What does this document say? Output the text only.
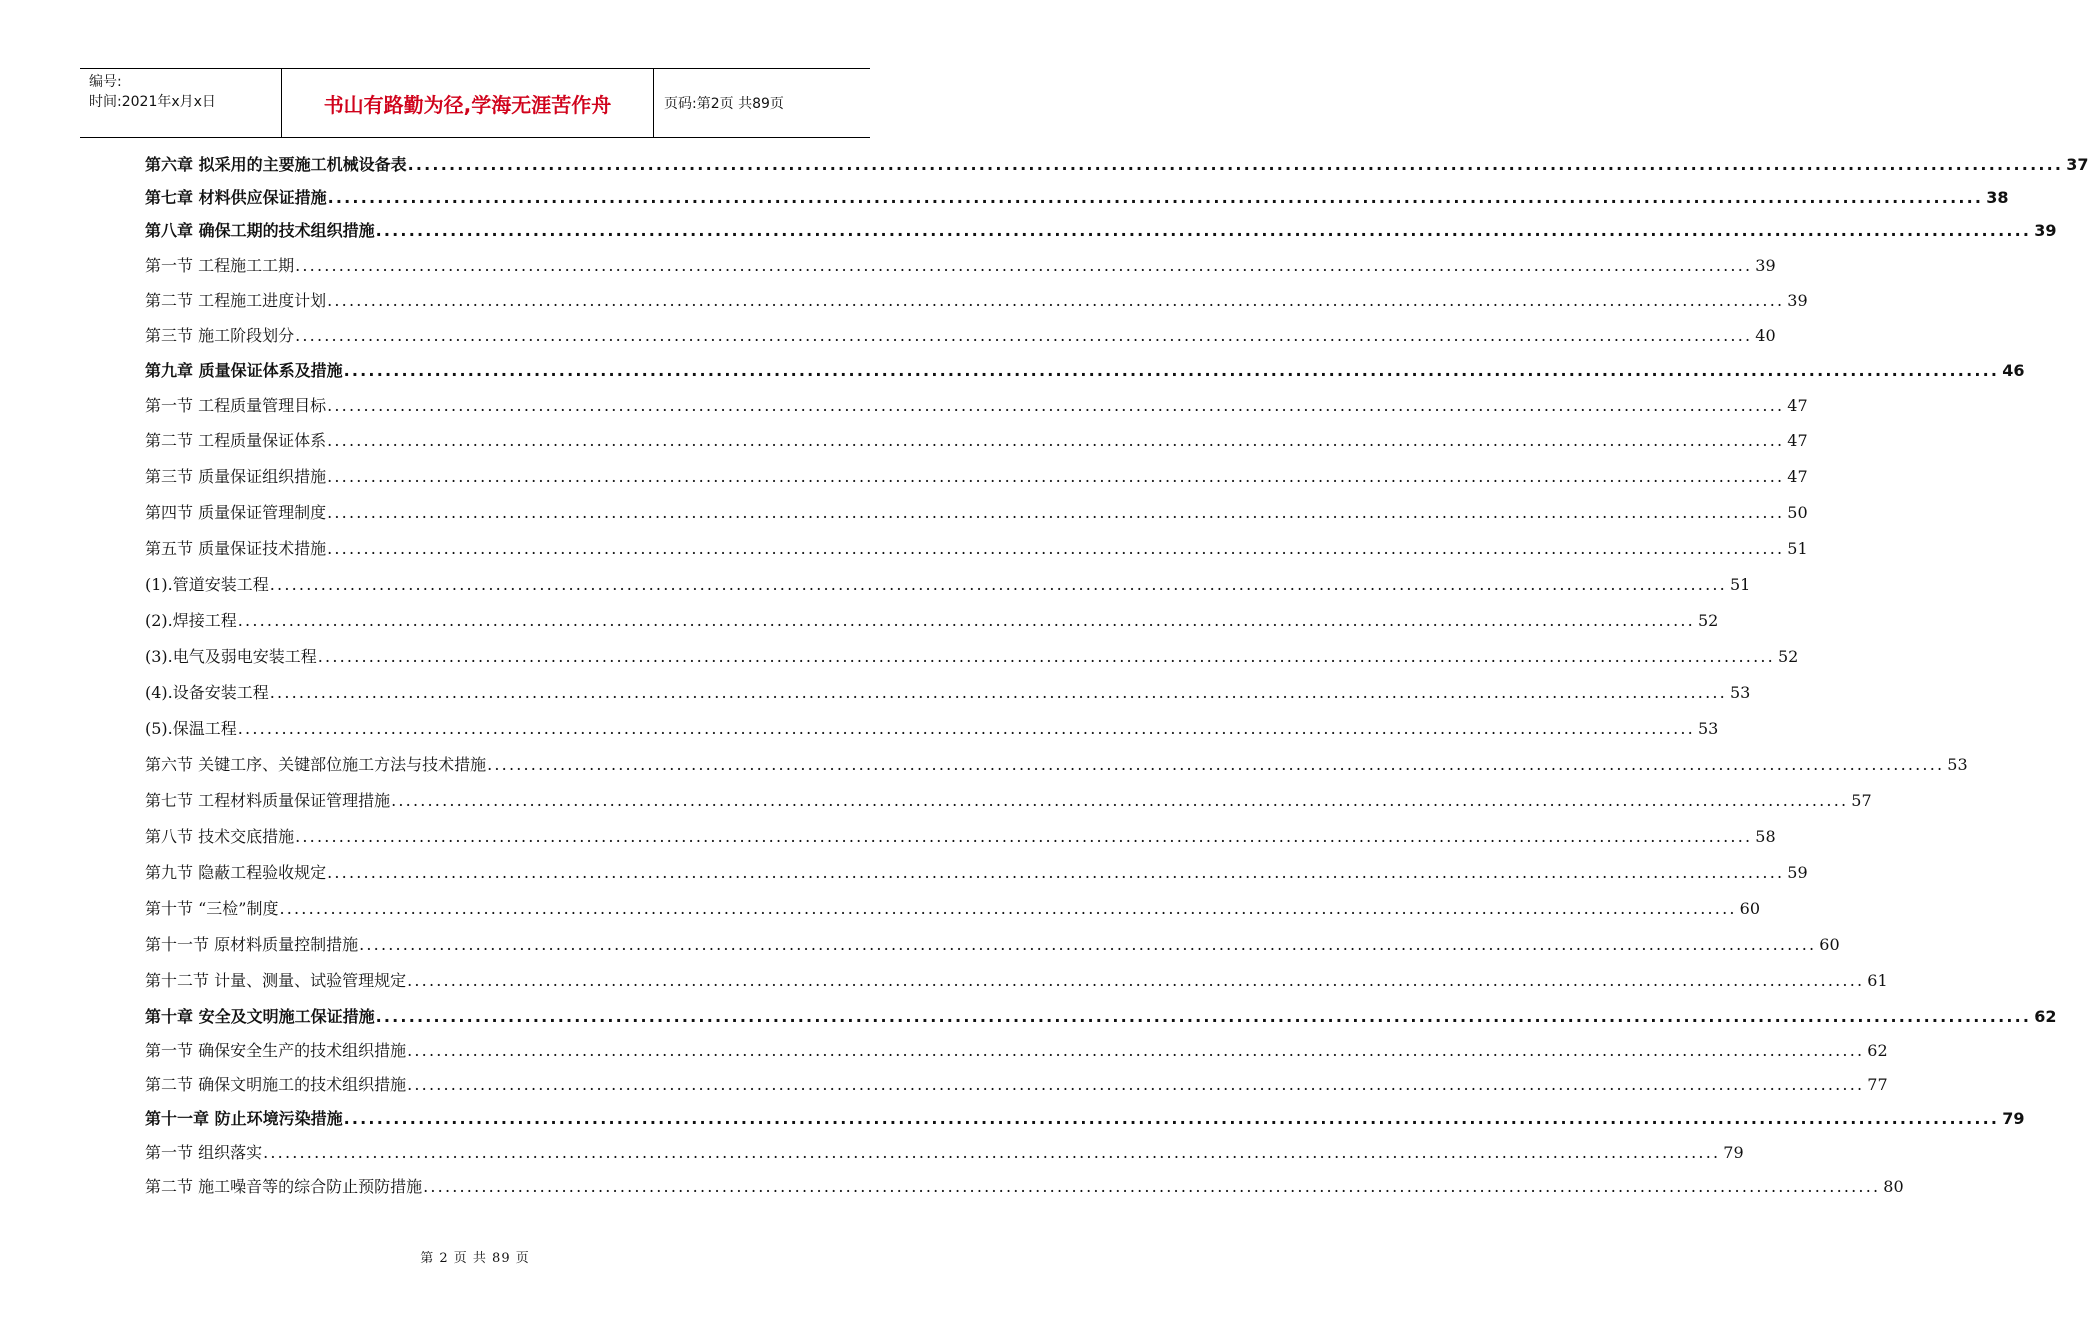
编号:
时间:2021年x月x日	书山有路勤为径,学海无涯苦作舟	页码:第2页 共89页
第六章 拟采用的主要施工机械设备表 ........................................................................................................................................................................................................ 37
第七章 材料供应保证措施 ........................................................................................................................................................................................................ 38
第八章 确保工期的技术组织措施 ........................................................................................................................................................................................................ 39
第一节 工程施工工期 ........................................................................................................................................................................................................ 39
第二节 工程施工进度计划 ........................................................................................................................................................................................................ 39
第三节 施工阶段划分 ........................................................................................................................................................................................................ 40
第九章 质量保证体系及措施 ........................................................................................................................................................................................................ 46
第一节 工程质量管理目标 ........................................................................................................................................................................................................ 47
第二节 工程质量保证体系 ........................................................................................................................................................................................................ 47
第三节 质量保证组织措施 ........................................................................................................................................................................................................ 47
第四节 质量保证管理制度 ........................................................................................................................................................................................................ 50
第五节 质量保证技术措施 ........................................................................................................................................................................................................ 51
(1).管道安装工程 ........................................................................................................................................................................................................ 51
(2).焊接工程 ........................................................................................................................................................................................................ 52
(3).电气及弱电安装工程 ........................................................................................................................................................................................................ 52
(4).设备安装工程 ........................................................................................................................................................................................................ 53
(5).保温工程 ........................................................................................................................................................................................................ 53
第六节 关键工序、关键部位施工方法与技术措施 ........................................................................................................................................................................................................ 53
第七节 工程材料质量保证管理措施 ........................................................................................................................................................................................................ 57
第八节 技术交底措施 ........................................................................................................................................................................................................ 58
第九节 隐蔽工程验收规定 ........................................................................................................................................................................................................ 59
第十节 “三检”制度 ........................................................................................................................................................................................................ 60
第十一节 原材料质量控制措施 ........................................................................................................................................................................................................ 60
第十二节 计量、测量、试验管理规定 ........................................................................................................................................................................................................ 61
第十章 安全及文明施工保证措施 ........................................................................................................................................................................................................ 62
第一节 确保安全生产的技术组织措施 ........................................................................................................................................................................................................ 62
第二节 确保文明施工的技术组织措施 ........................................................................................................................................................................................................ 77
第十一章 防止环境污染措施 ........................................................................................................................................................................................................ 79
第一节 组织落实 ........................................................................................................................................................................................................ 79
第二节 施工噪音等的综合防止预防措施 ........................................................................................................................................................................................................ 80
第 2 页 共 89 页
